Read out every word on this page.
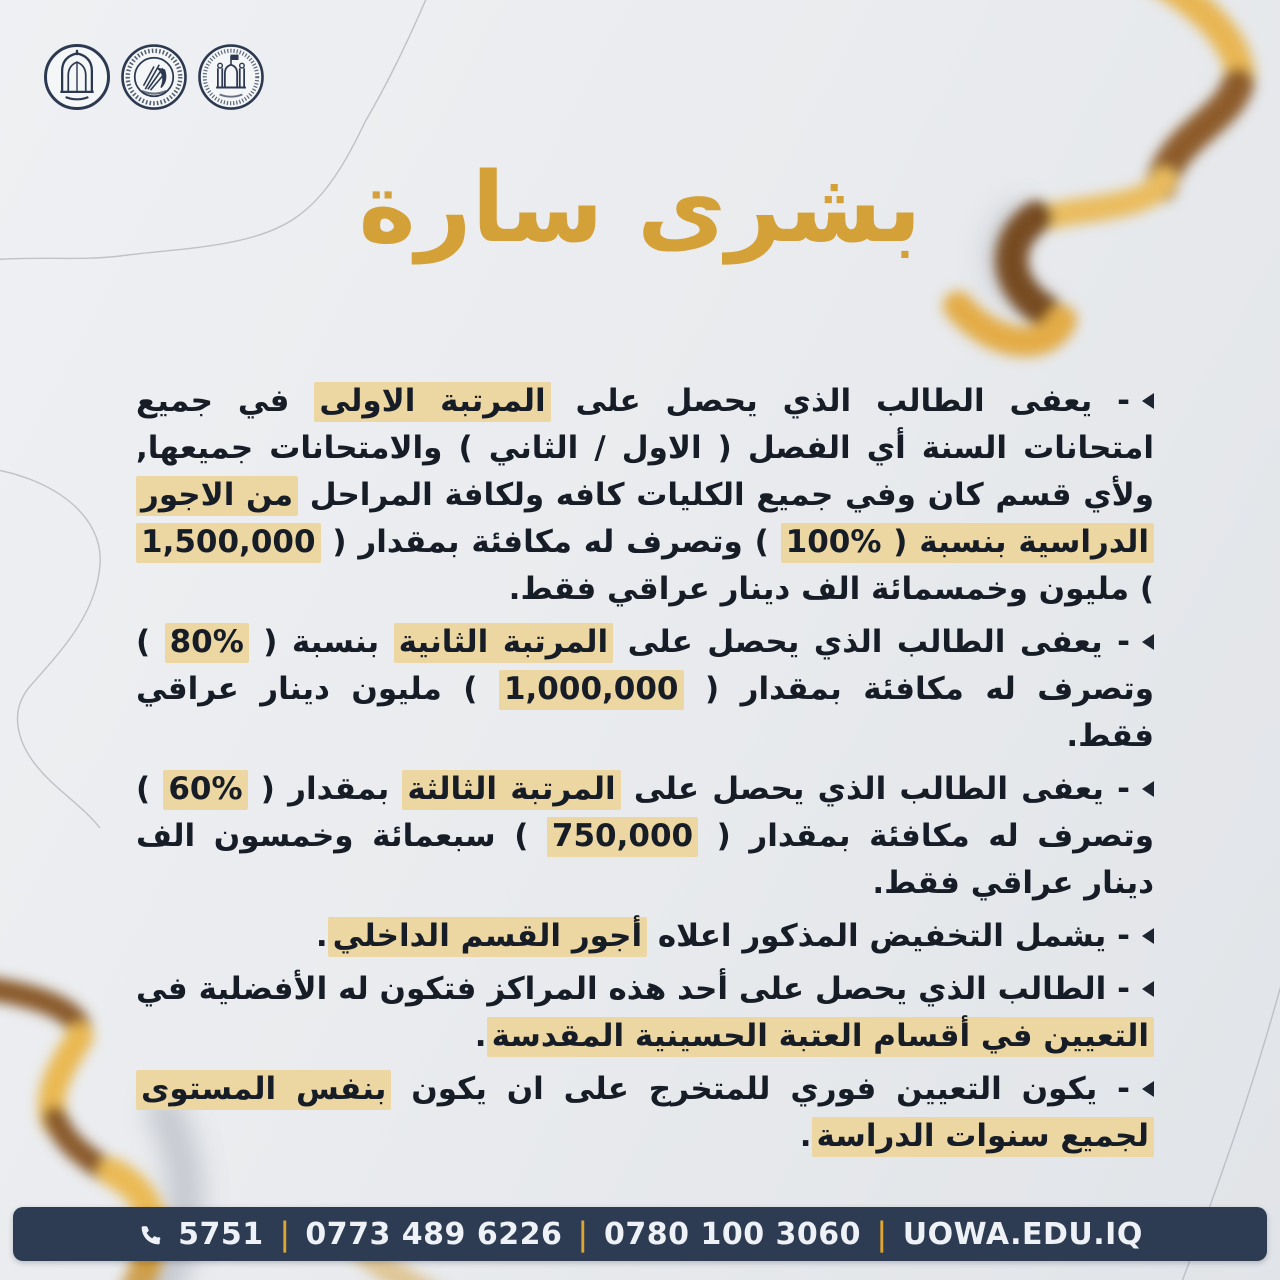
بشرى سارة
- يعفى الطالب الذي يحصل على المرتبة الاولى في جميع امتحانات السنة أي الفصل ( الاول / الثاني ) والامتحانات جميعها, ولأي قسم كان وفي جميع الكليات كافه ولكافة المراحل من الاجور الدراسية بنسبة ( %100 ) وتصرف له مكافئة بمقدار ( 1,500,000 ) مليون وخمسمائة الف دينار عراقي فقط.
- يعفى الطالب الذي يحصل على المرتبة الثانية بنسبة ( %80 ) وتصرف له مكافئة بمقدار ( 1,000,000 ) مليون دينار عراقي فقط.
- يعفى الطالب الذي يحصل على المرتبة الثالثة بمقدار ( %60 ) وتصرف له مكافئة بمقدار ( 750,000 ) سبعمائة وخمسون الف دينار عراقي فقط.
- يشمل التخفيض المذكور اعلاه أجور القسم الداخلي.
- الطالب الذي يحصل على أحد هذه المراكز فتكون له الأفضلية في التعيين في أقسام العتبة الحسينية المقدسة.
- يكون التعيين فوري للمتخرج على ان يكون بنفس المستوى لجميع سنوات الدراسة.
5751 | 0773 489 6226 | 0780 100 3060 | UOWA.EDU.IQ
